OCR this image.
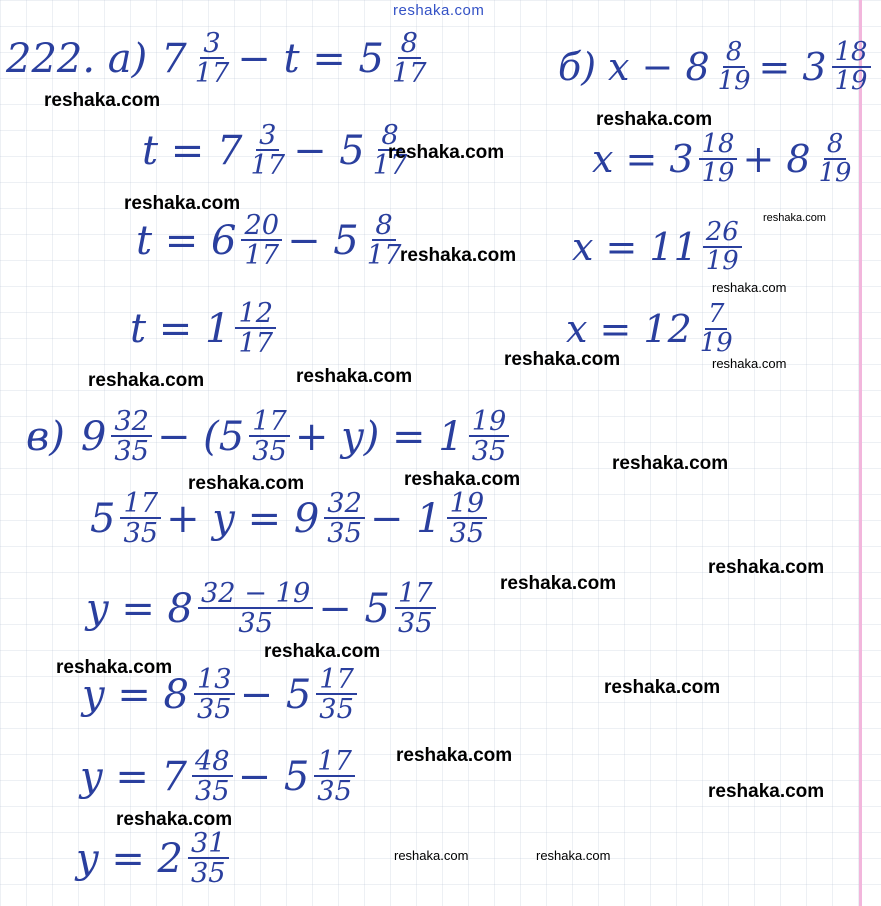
reshaka.com
222. а) $7 \frac{3}{17} - t = 5 \frac{8}{17}$
$t = 7 \frac{3}{17} - 5 \frac{8}{17}$
$t = 6 \frac{20}{17} - 5 \frac{8}{17}$
$t = 1 \frac{12}{17}$
б) $x - 8 \frac{8}{19} = 3 \frac{18}{19}$
$x = 3 \frac{18}{19} + 8 \frac{8}{19}$
$x = 11 \frac{26}{19}$
$x = 12 \frac{7}{19}$
в) $9 \frac{32}{35} - (5 \frac{17}{35} + y) = 1 \frac{19}{35}$
$5 \frac{17}{35} + y = 9 \frac{32}{35} - 1 \frac{19}{35}$
$y = 8 \frac{32 - 19}{35} - 5 \frac{17}{35}$
$y = 8 \frac{13}{35} - 5 \frac{17}{35}$
$y = 7 \frac{48}{35} - 5 \frac{17}{35}$
$y = 2 \frac{31}{35}$
reshaka.com
reshaka.com
reshaka.com
reshaka.com
reshaka.com
reshaka.com
reshaka.com
reshaka.com	reshaka.com
reshaka.com
reshaka.com
reshaka.com
reshaka.com
reshaka.com
reshaka.com
reshaka.com
reshaka.com
reshaka.com
reshaka.com
reshaka.com
reshaka.com
reshaka.com
reshaka.com	reshaka.com
